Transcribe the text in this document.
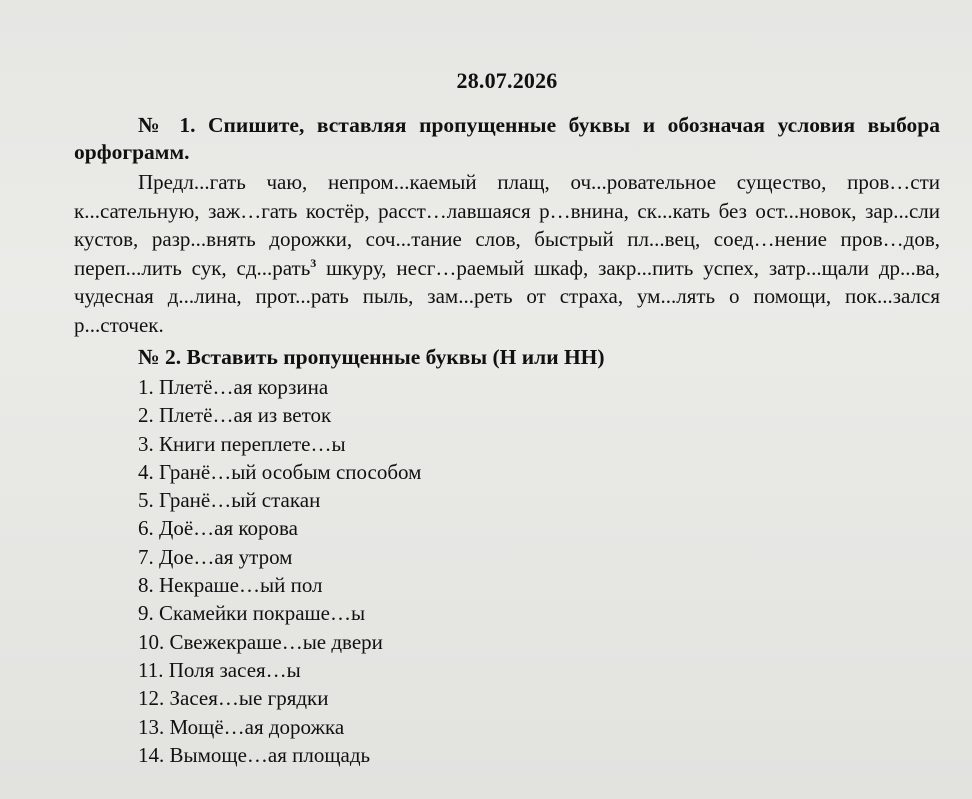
28.07.2026

№ 1. Спишите, вставляя пропущенные буквы и обозначая условия выбора орфограмм.

Предл...гать чаю, непром...каемый плащ, оч...ровательное существо, пров…сти к...сательную, заж…гать костёр, расст…лавшаяся р…внина, ск...кать без ост...новок, зар...сли кустов, разр...внять дорожки, соч...тание слов, быстрый пл...вец, соед…нение пров…дов, переп...лить сук, сд...рать$^3$ шкуру, несг…раемый шкаф, закр...пить успех, затр...щали др...ва, чудесная д...лина, прот...рать пыль, зам...реть от страха, ум...лять о помощи, пок...зался р...сточек.

№ 2. Вставить пропущенные буквы (Н или НН)
1. Плетё…ая корзина
2. Плетё…ая из веток
3. Книги переплете…ы
4. Гранё…ый особым способом
5. Гранё…ый стакан
6. Доё…ая корова
7. Дое…ая утром
8. Некраше…ый пол
9. Скамейки покраше…ы
10. Свежекраше…ые двери
11. Поля засея…ы
12. Засея…ые грядки
13. Мощё…ая дорожка
14. Вымоще…ая площадь
